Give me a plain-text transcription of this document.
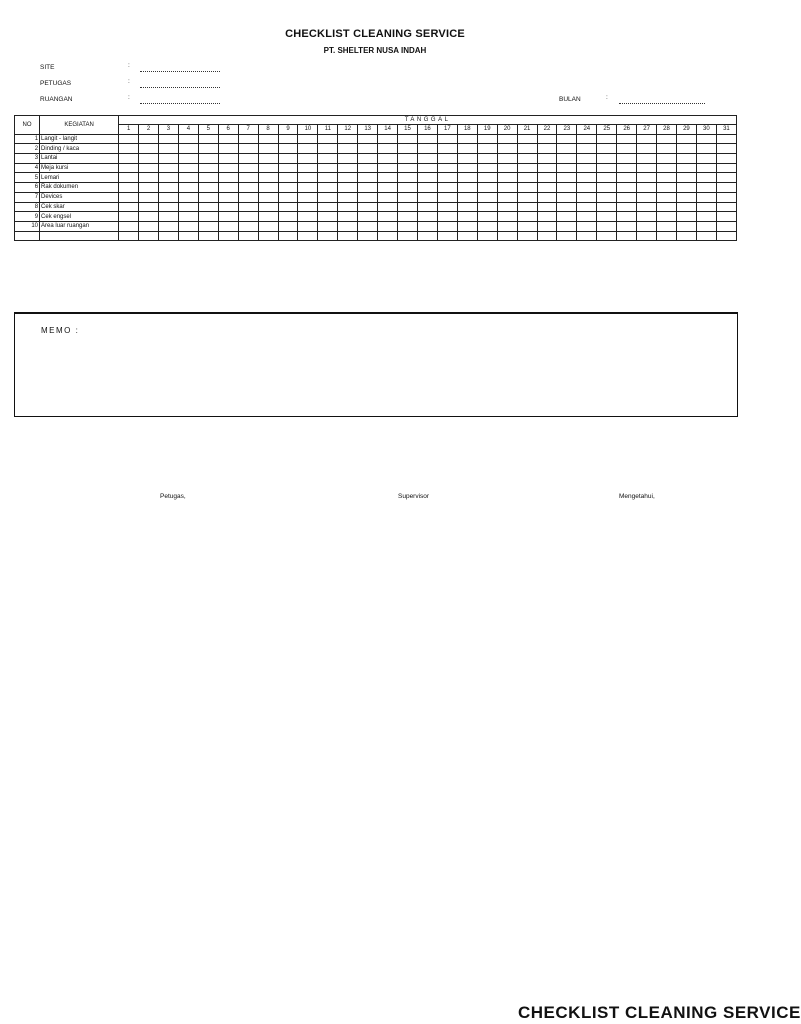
CHECKLIST CLEANING SERVICE
PT. SHELTER NUSA INDAH
SITE	:
PETUGAS	:
RUANGAN	:	BULAN	:
NO	KEGIATAN	TANGGAL																														
		1	2	3	4	5	6	7	8	9	10	11	12	13	14	15	16	17	18	19	20	21	22	23	24	25	26	27	28	29	30	31
1	Langit - langit																															
2	Dinding / kaca																															
3	Lantai																															
4	Meja kursi																															
5	Lemari																															
6	Rak dokumen																															
7	Devices																															
8	Cek skar																															
9	Cek engsel																															
10	Area luar ruangan																															

MEMO :
Petugas,	Supervisor	Mengetahui,
CHECKLIST CLEANING SERVICE
